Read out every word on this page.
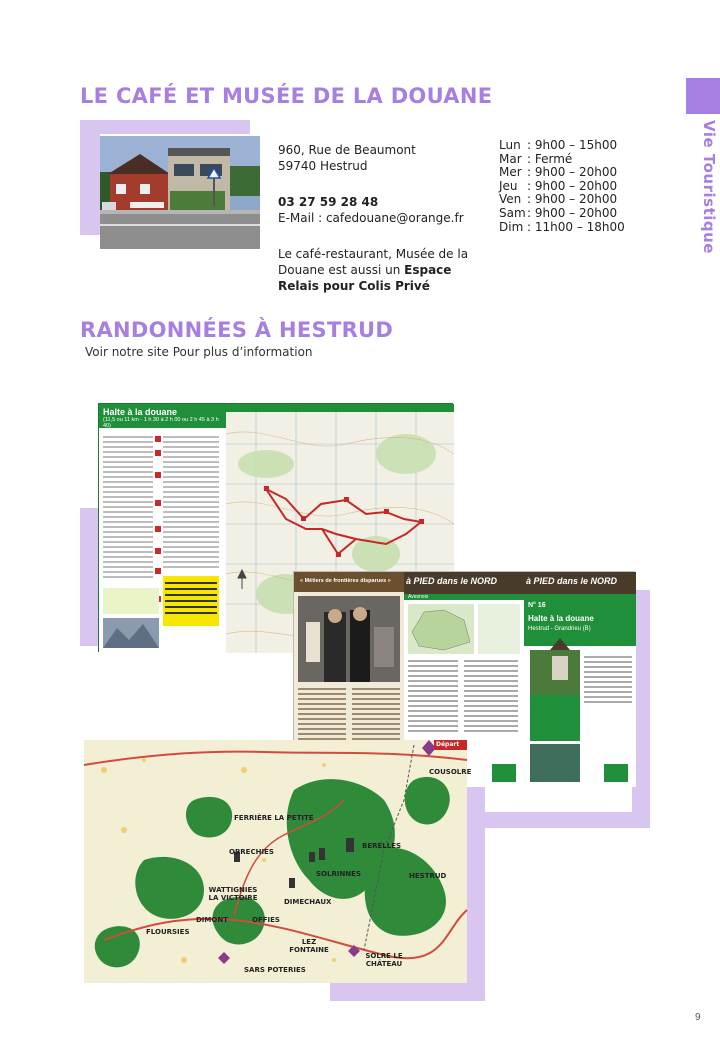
Vie Touristique
LE CAFÉ ET MUSÉE DE LA DOUANE
960, Rue de Beaumont
59740 Hestrud
03 27 59 28 48
E-Mail : cafedouane@orange.fr
Le café-restaurant, Musée de la Douane est aussi un Espace Relais pour Colis Privé
Lun : 9h00 – 15h00
Mar : Fermé
Mer : 9h00 – 20h00
Jeu : 9h00 – 20h00
Ven : 9h00 – 20h00
Sam : 9h00 – 20h00
Dim : 11h00 – 18h00
RANDONNÉES À HESTRUD
Voir notre site Pour plus d’information
Halte à la douane
(11,5 ou 11 km - 1 h 30 à 2 h 00 ou 2 h 45 à 3 h 40)
« Métiers de frontières disparues » à PIED dans le NORD
Avesnois
à PIED dans le NORD
N° 16
Halte à la douane
Hestrud - Grandrieu (B)
FERRIÈRE LA PETITE
OBRECHIES
BERELLES
SOLRINNES	HESTRUD
WATTIGNIES LA VICTOIRE	DIMECHAUX
DIMONT	OFFIES
FLOURSIES
LEZ FONTAINE
SOLRE LE CHÂTEAU
SARS POTERIES
COUSOLRE
Départ
9
